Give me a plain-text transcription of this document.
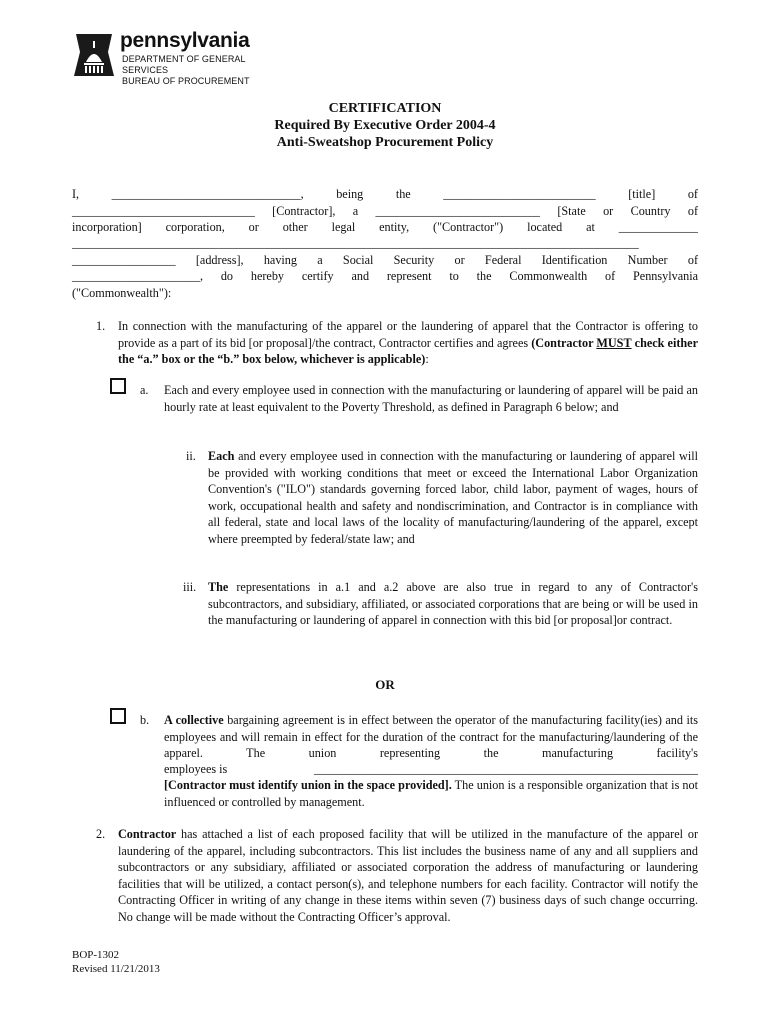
pennsylvania
DEPARTMENT OF GENERAL SERVICES
BUREAU OF PROCUREMENT
CERTIFICATION
Required By Executive Order 2004-4
Anti-Sweatshop Procurement Policy
I,	_______________________________,	being	the	_________________________	[title]	of
______________________________ [Contractor], a ___________________________ [State or Country of
incorporation] corporation, or other legal entity, ("Contractor") located at _____________
_____________________________________________________________________________________________
_________________ [address], having a Social Security or Federal Identification Number of
_____________________, do hereby certify and represent to the Commonwealth of Pennsylvania
("Commonwealth"):
1. In connection with the manufacturing of the apparel or the laundering of apparel that the Contractor is offering to provide as a part of its bid [or proposal]/the contract, Contractor certifies and agrees (Contractor MUST check either the “a.” box or the “b.” box below, whichever is applicable):
a. Each and every employee used in connection with the manufacturing or laundering of apparel will be paid an hourly rate at least equivalent to the Poverty Threshold, as defined in Paragraph 6 below; and
ii. Each and every employee used in connection with the manufacturing or laundering of apparel will be provided with working conditions that meet or exceed the International Labor Organization Convention's ("ILO") standards governing forced labor, child labor, payment of wages, hours of work, occupational health and safety and nondiscrimination, and Contractor is in compliance with all federal, state and local laws of the locality of manufacturing/laundering of the apparel, except where preempted by federal/state law; and
iii. The representations in a.1 and a.2 above are also true in regard to any of Contractor's subcontractors, and subsidiary, affiliated, or associated corporations that are being or will be used in the manufacturing or laundering of apparel in connection with this bid [or proposal]or contract.
OR
b. A collective bargaining agreement is in effect between the operator of the manufacturing facility(ies) and its employees and will remain in effect for the duration of the contract for the manufacturing/laundering of the apparel. The union representing the manufacturing facility's
employees is	_______________________________________________________________
[Contractor must identify union in the space provided]. The union is a responsible organization that is not influenced or controlled by management.
2. Contractor has attached a list of each proposed facility that will be utilized in the manufacture of the apparel or laundering of the apparel, including subcontractors. This list includes the business name of any and all suppliers and subcontractors or any subsidiary, affiliated or associated corporation the address of manufacturing or laundering facilities that will be utilized, a contact person(s), and telephone numbers for each facility. Contractor will notify the Contracting Officer in writing of any change in these items within seven (7) business days of such change occurring. No change will be made without the Contracting Officer’s approval.
BOP-1302
Revised 11/21/2013
